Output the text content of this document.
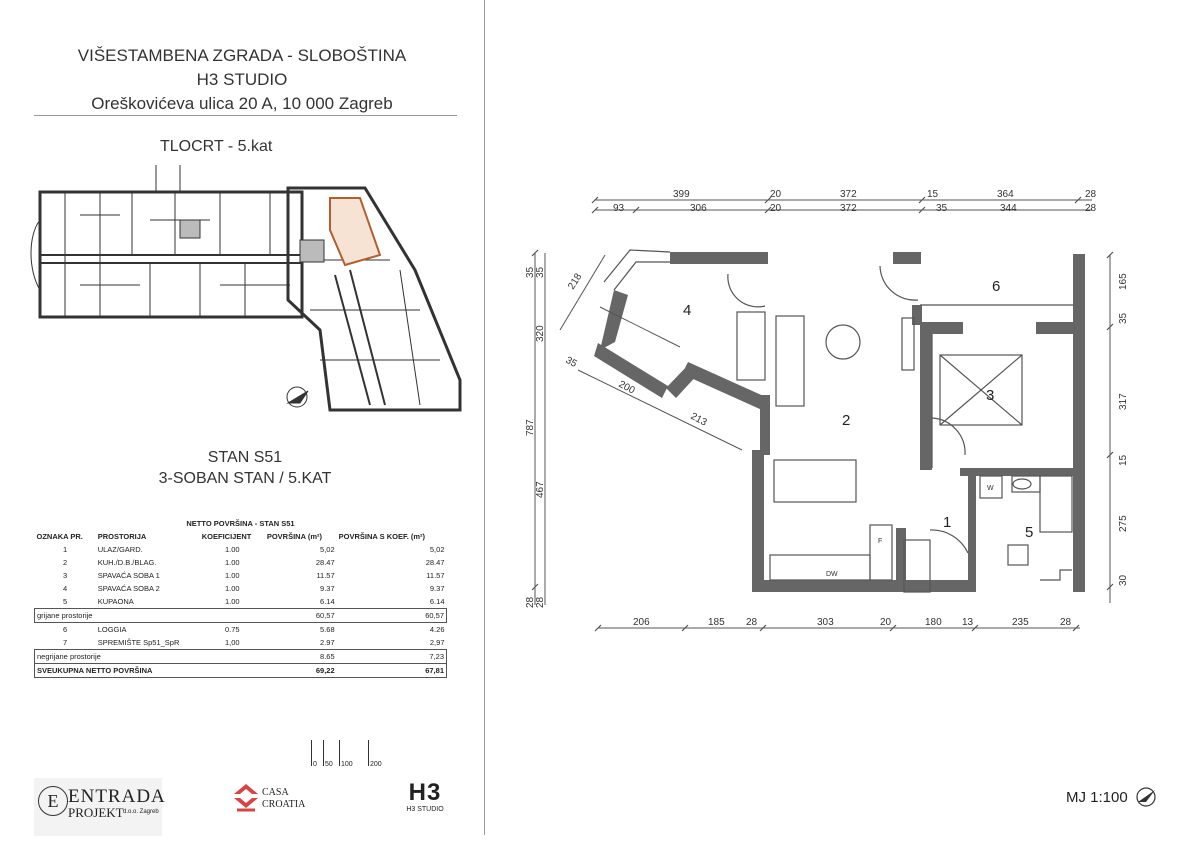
VIŠESTAMBENA ZGRADA - SLOBOŠTINA
H3 STUDIO
Oreškovićeva ulica 20 A, 10 000 Zagreb
TLOCRT - 5.kat
STAN S51
3-SOBAN STAN / 5.KAT
NETTO POVRŠINA - STAN S51				
OZNAKA PR.	PROSTORIJA	KOEFICIJENT	POVRŠINA (m²)	POVRŠINA S KOEF. (m²)
1	ULAZ/GARD.	1.00	5,02	5,02
2	KUH./D.B./BLAG.	1.00	28.47	28.47
3	SPAVAĆA SOBA 1	1.00	11.57	11.57
4	SPAVAĆA SOBA 2	1.00	9.37	9.37
5	KUPAONA	1.00	6.14	6.14
grijane prostorije			60,57	60,57
6	LOGGIA	0.75	5.68	4.26
7	SPREMIŠTE Sp51_SpR	1,00	2.97	2,97
negrijane prostorije			8.65	7,23
SVEUKUPNA NETTO POVRŠINA			69,22	67,81
0 50 100 200
E ENTRADA
PROJEKT d.o.o. Zagreb
CASA
CROATIA	H3
H3 STUDIO
MJ 1:100
1
2
3
4
5
6
DW
F
W
399	20	372	15	364	28
93	306	20	372	35	344	28
206	185 28	303	20	180 13	235	28
35 35
320
787
467
28 28
165
35
317
15
275
30
218
35
200
213
